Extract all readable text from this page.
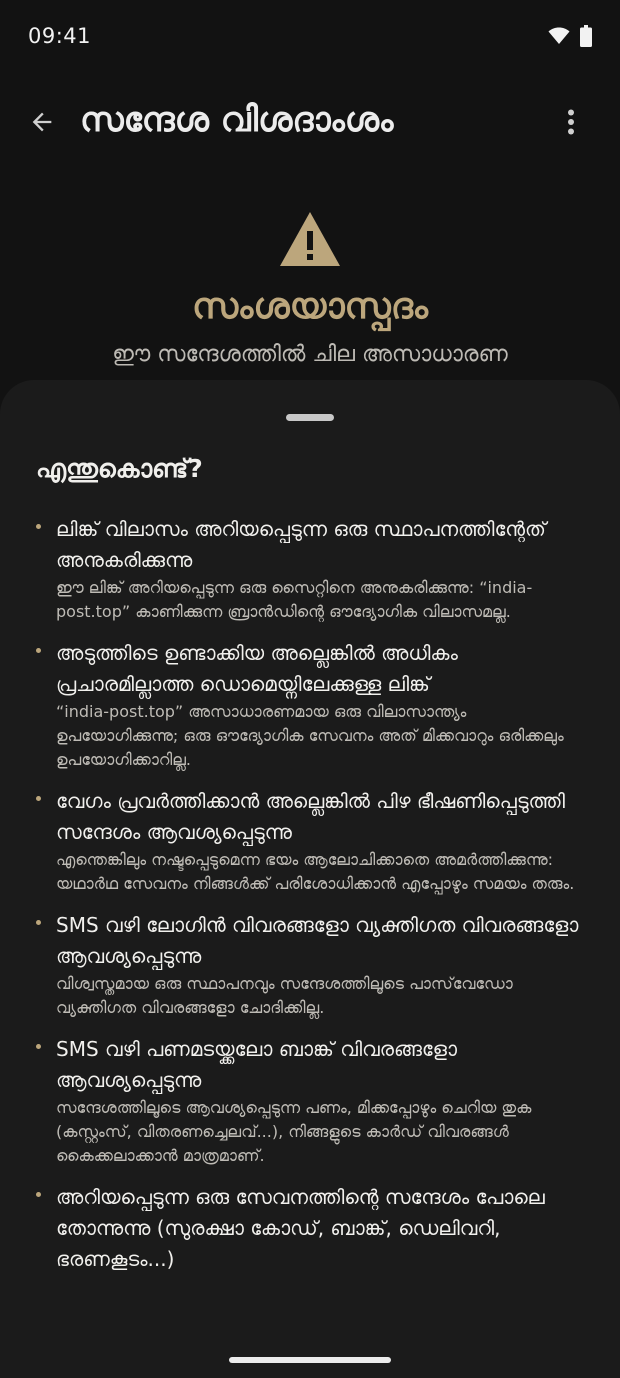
09:41
സന്ദേശ വിശദാംശം
സംശയാസ്പദം
ഈ സന്ദേശത്തിൽ ചില അസാധാരണ
എന്തുകൊണ്ട്?
ലിങ്ക് വിലാസം അറിയപ്പെടുന്ന ഒരു സ്ഥാപനത്തിന്റേത് അനുകരിക്കുന്നു
ഈ ലിങ്ക് അറിയപ്പെടുന്ന ഒരു സൈറ്റിനെ അനുകരിക്കുന്നു: “india-post.top” കാണിക്കുന്ന ബ്രാൻഡിന്റെ ഔദ്യോഗിക വിലാസമല്ല.
അടുത്തിടെ ഉണ്ടാക്കിയ അല്ലെങ്കിൽ അധികം പ്രചാരമില്ലാത്ത ഡൊമെയ്നിലേക്കുള്ള ലിങ്ക്
“india-post.top” അസാധാരണമായ ഒരു വിലാസാന്ത്യം ഉപയോഗിക്കുന്നു; ഒരു ഔദ്യോഗിക സേവനം അത് മിക്കവാറും ഒരിക്കലും ഉപയോഗിക്കാറില്ല.
വേഗം പ്രവർത്തിക്കാൻ അല്ലെങ്കിൽ പിഴ ഭീഷണിപ്പെടുത്തി സന്ദേശം ആവശ്യപ്പെടുന്നു
എന്തെങ്കിലും നഷ്ടപ്പെടുമെന്ന ഭയം ആലോചിക്കാതെ അമർത്തിക്കുന്നു: യഥാർഥ സേവനം നിങ്ങൾക്ക് പരിശോധിക്കാൻ എപ്പോഴും സമയം തരും.
SMS വഴി ലോഗിൻ വിവരങ്ങളോ വ്യക്തിഗത വിവരങ്ങളോ ആവശ്യപ്പെടുന്നു
വിശ്വസ്തമായ ഒരു സ്ഥാപനവും സന്ദേശത്തിലൂടെ പാസ്‌വേഡോ വ്യക്തിഗത വിവരങ്ങളോ ചോദിക്കില്ല.
SMS വഴി പണമടയ്ക്കലോ ബാങ്ക് വിവരങ്ങളോ ആവശ്യപ്പെടുന്നു
സന്ദേശത്തിലൂടെ ആവശ്യപ്പെടുന്ന പണം, മിക്കപ്പോഴും ചെറിയ തുക (കസ്റ്റംസ്, വിതരണച്ചെലവ്...), നിങ്ങളുടെ കാർഡ് വിവരങ്ങൾ കൈക്കലാക്കാൻ മാത്രമാണ്.
അറിയപ്പെടുന്ന ഒരു സേവനത്തിന്റെ സന്ദേശം പോലെ തോന്നുന്നു (സുരക്ഷാ കോഡ്, ബാങ്ക്, ഡെലിവറി, ഭരണകൂടം...)
